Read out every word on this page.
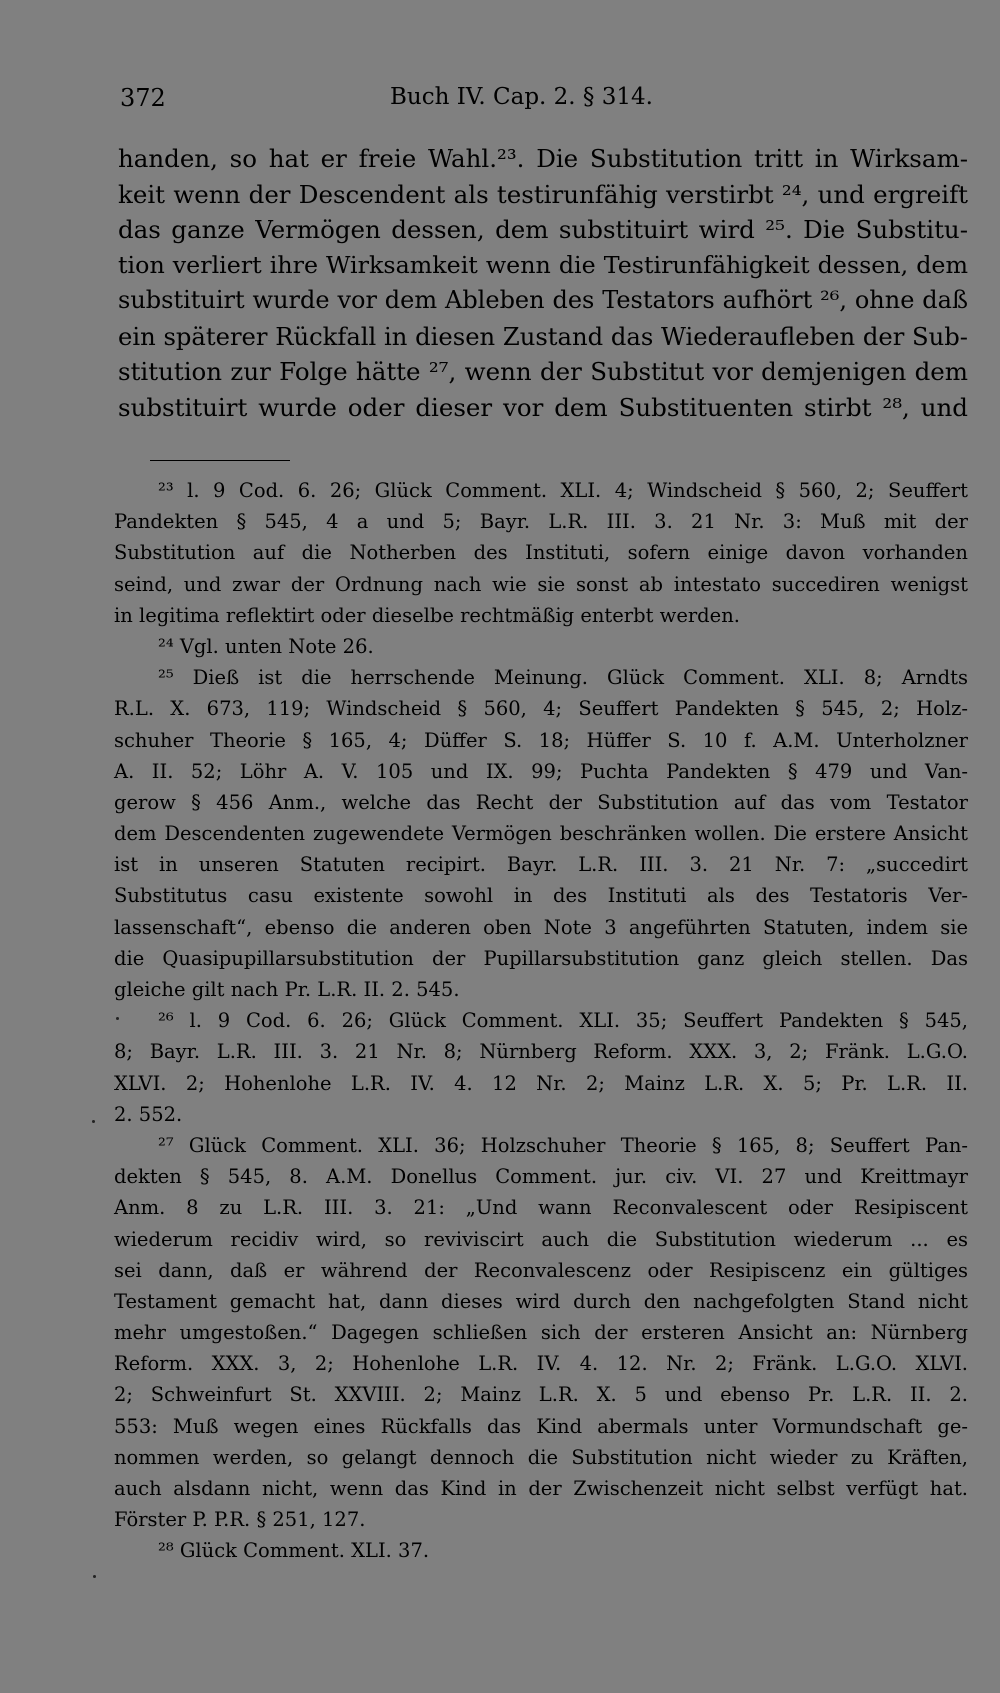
372	Buch IV. Cap. 2. § 314.
handen, so hat er freie Wahl.²³. Die Substitution tritt in Wirksam-
keit wenn der Descendent als testirunfähig verstirbt ²⁴, und ergreift
das ganze Vermögen dessen, dem substituirt wird ²⁵. Die Substitu-
tion verliert ihre Wirksamkeit wenn die Testirunfähigkeit dessen, dem
substituirt wurde vor dem Ableben des Testators aufhört ²⁶, ohne daß
ein späterer Rückfall in diesen Zustand das Wiederaufleben der Sub-
stitution zur Folge hätte ²⁷, wenn der Substitut vor demjenigen dem
substituirt wurde oder dieser vor dem Substituenten stirbt ²⁸, und
²³ l. 9 Cod. 6. 26; Glück Comment. XLI. 4; Windscheid § 560, 2; Seuffert
Pandekten § 545, 4 a und 5; Bayr. L.R. III. 3. 21 Nr. 3: Muß mit der
Substitution auf die Notherben des Instituti, sofern einige davon vorhanden
seind, und zwar der Ordnung nach wie sie sonst ab intestato succediren wenigst
in legitima reflektirt oder dieselbe rechtmäßig enterbt werden.
²⁴ Vgl. unten Note 26.
²⁵ Dieß ist die herrschende Meinung. Glück Comment. XLI. 8; Arndts
R.L. X. 673, 119; Windscheid § 560, 4; Seuffert Pandekten § 545, 2; Holz-
schuher Theorie § 165, 4; Düffer S. 18; Hüffer S. 10 f. A.M. Unterholzner
A. II. 52; Löhr A. V. 105 und IX. 99; Puchta Pandekten § 479 und Van-
gerow § 456 Anm., welche das Recht der Substitution auf das vom Testator
dem Descendenten zugewendete Vermögen beschränken wollen. Die erstere Ansicht
ist in unseren Statuten recipirt. Bayr. L.R. III. 3. 21 Nr. 7: „succedirt
Substitutus casu existente sowohl in des Instituti als des Testatoris Ver-
lassenschaft“, ebenso die anderen oben Note 3 angeführten Statuten, indem sie
die Quasipupillarsubstitution der Pupillarsubstitution ganz gleich stellen. Das
gleiche gilt nach Pr. L.R. II. 2. 545.
²⁶ l. 9 Cod. 6. 26; Glück Comment. XLI. 35; Seuffert Pandekten § 545,
8; Bayr. L.R. III. 3. 21 Nr. 8; Nürnberg Reform. XXX. 3, 2; Fränk. L.G.O.
XLVI. 2; Hohenlohe L.R. IV. 4. 12 Nr. 2; Mainz L.R. X. 5; Pr. L.R. II.
2. 552.
²⁷ Glück Comment. XLI. 36; Holzschuher Theorie § 165, 8; Seuffert Pan-
dekten § 545, 8. A.M. Donellus Comment. jur. civ. VI. 27 und Kreittmayr
Anm. 8 zu L.R. III. 3. 21: „Und wann Reconvalescent oder Resipiscent
wiederum recidiv wird, so reviviscirt auch die Substitution wiederum ... es
sei dann, daß er während der Reconvalescenz oder Resipiscenz ein gültiges
Testament gemacht hat, dann dieses wird durch den nachgefolgten Stand nicht
mehr umgestoßen.“ Dagegen schließen sich der ersteren Ansicht an: Nürnberg
Reform. XXX. 3, 2; Hohenlohe L.R. IV. 4. 12. Nr. 2; Fränk. L.G.O. XLVI.
2; Schweinfurt St. XXVIII. 2; Mainz L.R. X. 5 und ebenso Pr. L.R. II. 2.
553: Muß wegen eines Rückfalls das Kind abermals unter Vormundschaft ge-
nommen werden, so gelangt dennoch die Substitution nicht wieder zu Kräften,
auch alsdann nicht, wenn das Kind in der Zwischenzeit nicht selbst verfügt hat.
Förster P. P.R. § 251, 127.
²⁸ Glück Comment. XLI. 37.
